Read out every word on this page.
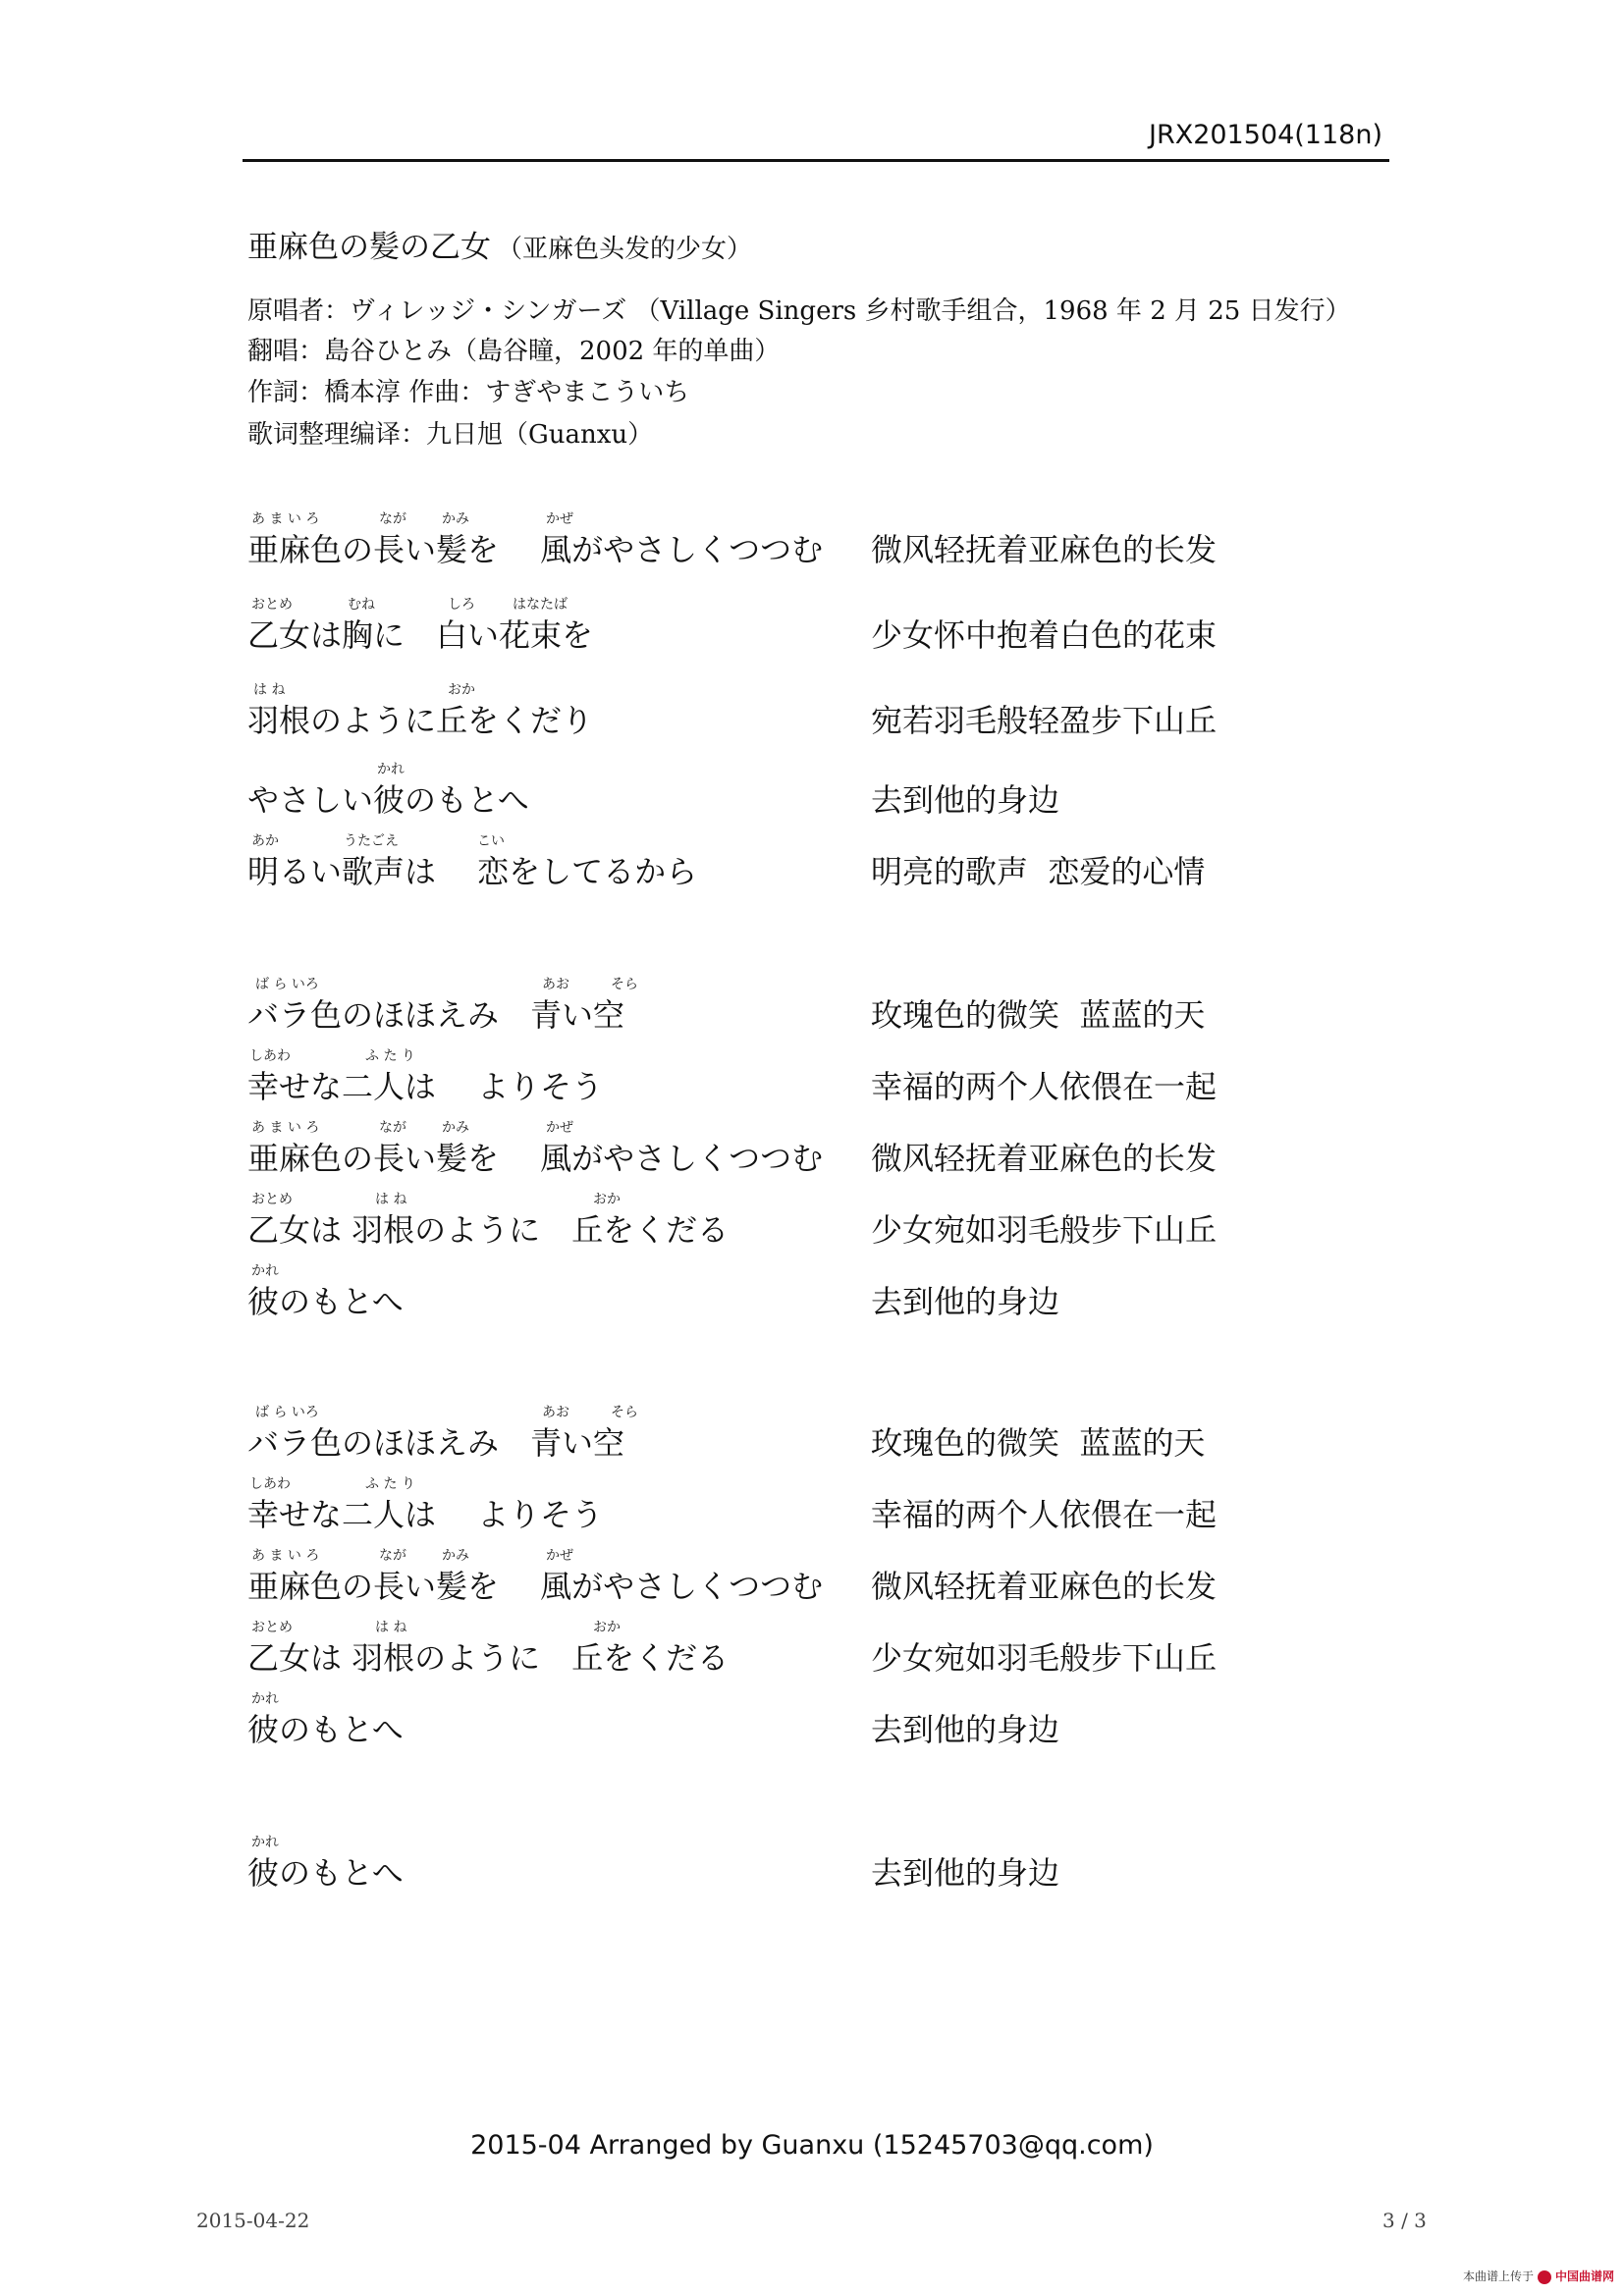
JRX201504(118n)
亜麻色の髪の乙女 （亚麻色头发的少女）
原唱者：ヴィレッジ・シンガーズ （Village Singers 乡村歌手组合，1968 年 2 月 25 日发行）
翻唱：島谷ひとみ（島谷瞳，2002 年的单曲）
作詞：橋本淳 作曲：すぎやまこういち
歌词整理编译：九日旭（Guanxu）
あ ま い ろ	なが	かみ	かぜ
亜麻色の長い髪を　 風がやさしくつつむ 微风轻抚着亚麻色的长发
おとめ	むね	しろ	はなたば
乙女は胸に　白い花束を	少女怀中抱着白色的花束
は ね	おか
羽根のように丘をくだり	宛若羽毛般轻盈步下山丘
かれ
やさしい彼のもとへ	去到他的身边
あか	うたごえ	こい
明るい歌声は　 恋をしてるから	明亮的歌声  恋爱的心情
ば ら いろ	あお	そら
バラ色のほほえみ　青い空	玫瑰色的微笑  蓝蓝的天
しあわ	ふ た り
幸せな二人は　 よりそう	幸福的两个人依偎在一起
あ ま い ろ	なが	かみ	かぜ
亜麻色の長い髪を　 風がやさしくつつむ 微风轻抚着亚麻色的长发
おとめ	は ね	おか
乙女は 羽根のように　丘をくだる	少女宛如羽毛般步下山丘
かれ
彼のもとへ	去到他的身边
ば ら いろ	あお	そら
バラ色のほほえみ　青い空	玫瑰色的微笑  蓝蓝的天
しあわ	ふ た り
幸せな二人は　 よりそう	幸福的两个人依偎在一起
あ ま い ろ	なが	かみ	かぜ
亜麻色の長い髪を　 風がやさしくつつむ 微风轻抚着亚麻色的长发
おとめ	は ね	おか
乙女は 羽根のように　丘をくだる	少女宛如羽毛般步下山丘
かれ
彼のもとへ	去到他的身边
かれ
彼のもとへ	去到他的身边
2015-04 Arranged by Guanxu (15245703@qq.com)
2015-04-22	3 / 3
本曲谱上传于 中国曲谱网
